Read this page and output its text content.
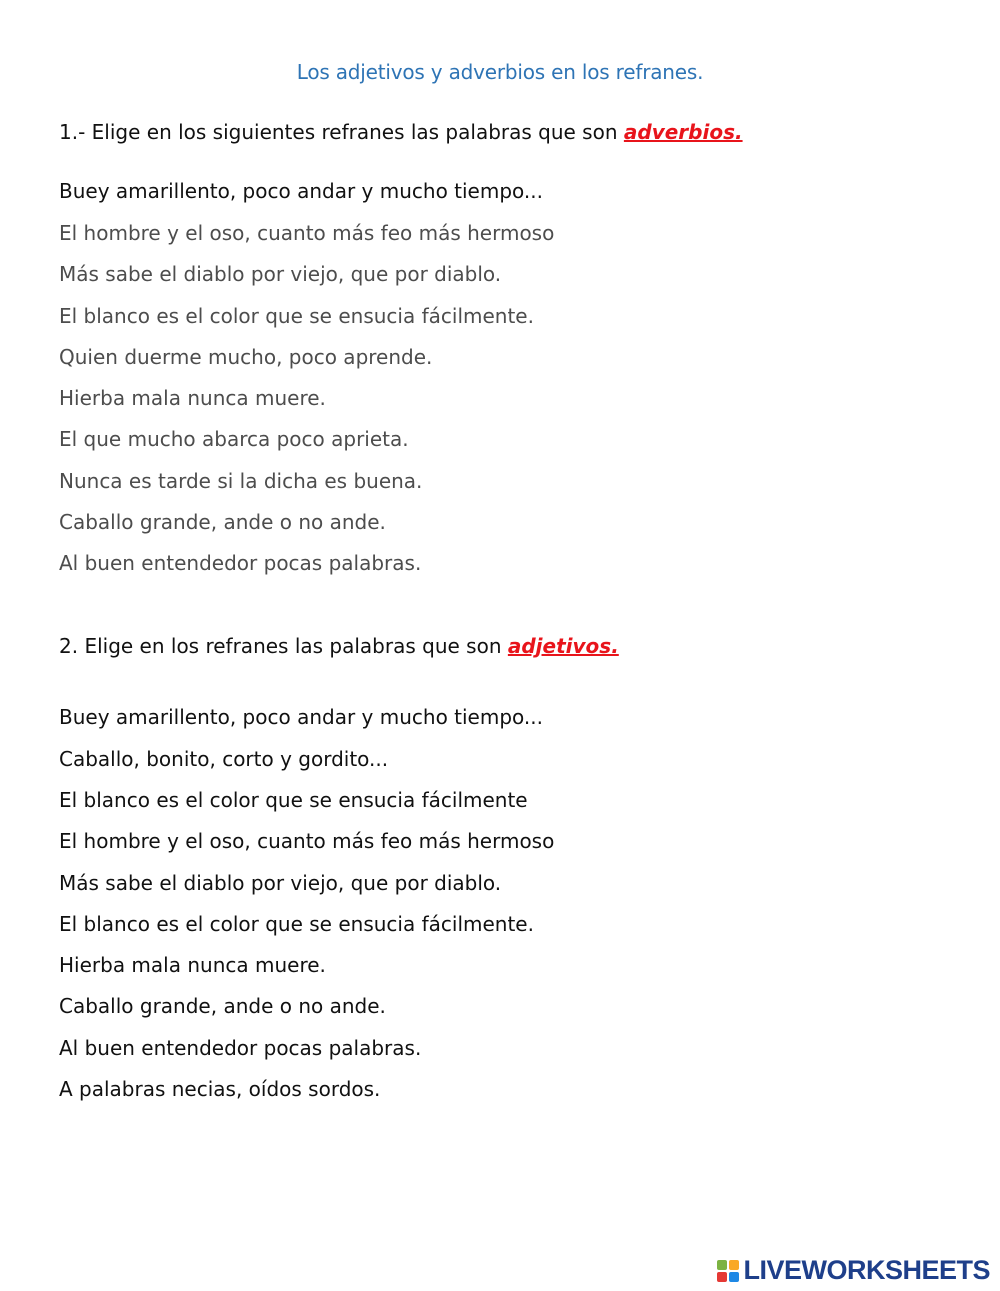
Los adjetivos y adverbios en los refranes.
1.- Elige en los siguientes refranes las palabras que son adverbios.
Buey amarillento, poco andar y mucho tiempo...
El hombre y el oso, cuanto más feo más hermoso
Más sabe el diablo por viejo, que por diablo.
El blanco es el color que se ensucia fácilmente.
Quien duerme mucho, poco aprende.
Hierba mala nunca muere.
El que mucho abarca poco aprieta.
Nunca es tarde si la dicha es buena.
Caballo grande, ande o no ande.
Al buen entendedor pocas palabras.
2. Elige en los refranes las palabras que son adjetivos.
Buey amarillento, poco andar y mucho tiempo...
Caballo, bonito, corto y gordito...
El blanco es el color que se ensucia fácilmente
El hombre y el oso, cuanto más feo más hermoso
Más sabe el diablo por viejo, que por diablo.
El blanco es el color que se ensucia fácilmente.
Hierba mala nunca muere.
Caballo grande, ande o no ande.
Al buen entendedor pocas palabras.
A palabras necias, oídos sordos.
LIVEWORKSHEETS
